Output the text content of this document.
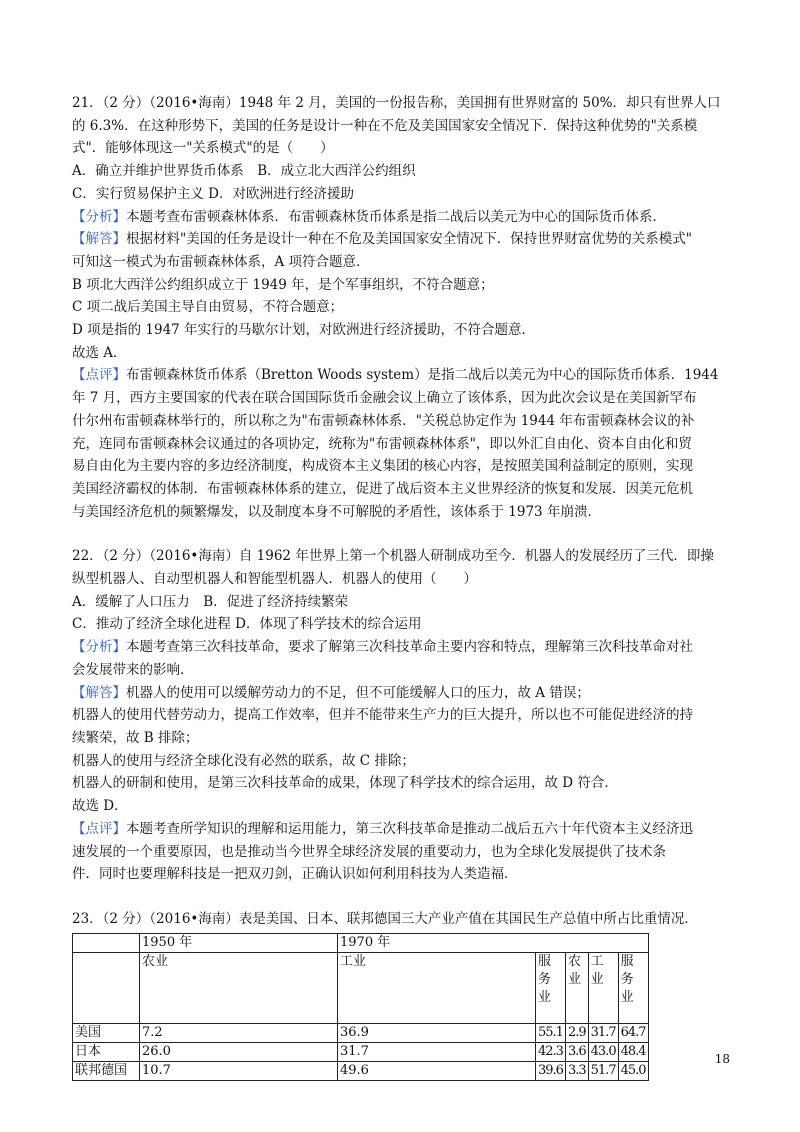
21．（2 分）（2016•海南）1948 年 2 月，美国的一份报告称，美国拥有世界财富的 50%．却只有世界人口

的 6.3%．在这种形势下，美国的任务是设计一种在不危及美国国家安全情况下．保持这种优势的"关系模

式"．能够体现这一"关系模式"的是（　　）

A．确立并维护世界货币体系　B．成立北大西洋公约组织

C．实行贸易保护主义 D．对欧洲进行经济援助

【分析】本题考查布雷顿森林体系．布雷顿森林货币体系是指二战后以美元为中心的国际货币体系．

【解答】根据材料"美国的任务是设计一种在不危及美国国家安全情况下．保持世界财富优势的关系模式"

可知这一模式为布雷顿森林体系，A 项符合题意．

B 项北大西洋公约组织成立于 1949 年，是个军事组织，不符合题意；

C 项二战后美国主导自由贸易，不符合题意；

D 项是指的 1947 年实行的马歇尔计划，对欧洲进行经济援助，不符合题意．

故选 A．

【点评】布雷顿森林货币体系（Bretton Woods system）是指二战后以美元为中心的国际货币体系．1944

年 7 月，西方主要国家的代表在联合国国际货币金融会议上确立了该体系，因为此次会议是在美国新罕布

什尔州布雷顿森林举行的，所以称之为"布雷顿森林体系．"关税总协定作为 1944 年布雷顿森林会议的补

充，连同布雷顿森林会议通过的各项协定，统称为"布雷顿森林体系"，即以外汇自由化、资本自由化和贸

易自由化为主要内容的多边经济制度，构成资本主义集团的核心内容，是按照美国利益制定的原则，实现

美国经济霸权的体制．布雷顿森林体系的建立，促进了战后资本主义世界经济的恢复和发展．因美元危机

与美国经济危机的频繁爆发，以及制度本身不可解脱的矛盾性，该体系于 1973 年崩溃．

22．（2 分）（2016•海南）自 1962 年世界上第一个机器人研制成功至今．机器人的发展经历了三代．即操

纵型机器人、自动型机器人和智能型机器人．机器人的使用（　　）

A．缓解了人口压力　B．促进了经济持续繁荣

C．推动了经济全球化进程 D．体现了科学技术的综合运用

【分析】本题考查第三次科技革命，要求了解第三次科技革命主要内容和特点，理解第三次科技革命对社

会发展带来的影响．

【解答】机器人的使用可以缓解劳动力的不足，但不可能缓解人口的压力，故 A 错误；

机器人的使用代替劳动力，提高工作效率，但并不能带来生产力的巨大提升，所以也不可能促进经济的持

续繁荣，故 B 排除；

机器人的使用与经济全球化没有必然的联系，故 C 排除；

机器人的研制和使用，是第三次科技革命的成果，体现了科学技术的综合运用，故 D 符合．

故选 D．

【点评】本题考查所学知识的理解和运用能力，第三次科技革命是推动二战后五六十年代资本主义经济迅

速发展的一个重要原因，也是推动当今世界全球经济发展的重要动力，也为全球化发展提供了技术条

件．同时也要理解科技是一把双刃剑，正确认识如何利用科技为人类造福．

23．（2 分）（2016•海南）表是美国、日本、联邦德国三大产业产值在其国民生产总值中所占比重情况．

	1950 年	1970 年				
	农业	工业	服务业	农业	工业	服务业
美国	7.2	36.9	55.1	2.9	31.7	64.7
日本	26.0	31.7	42.3	3.6	43.0	48.4
联邦德国	10.7	49.6	39.6	3.3	51.7	45.0
18
